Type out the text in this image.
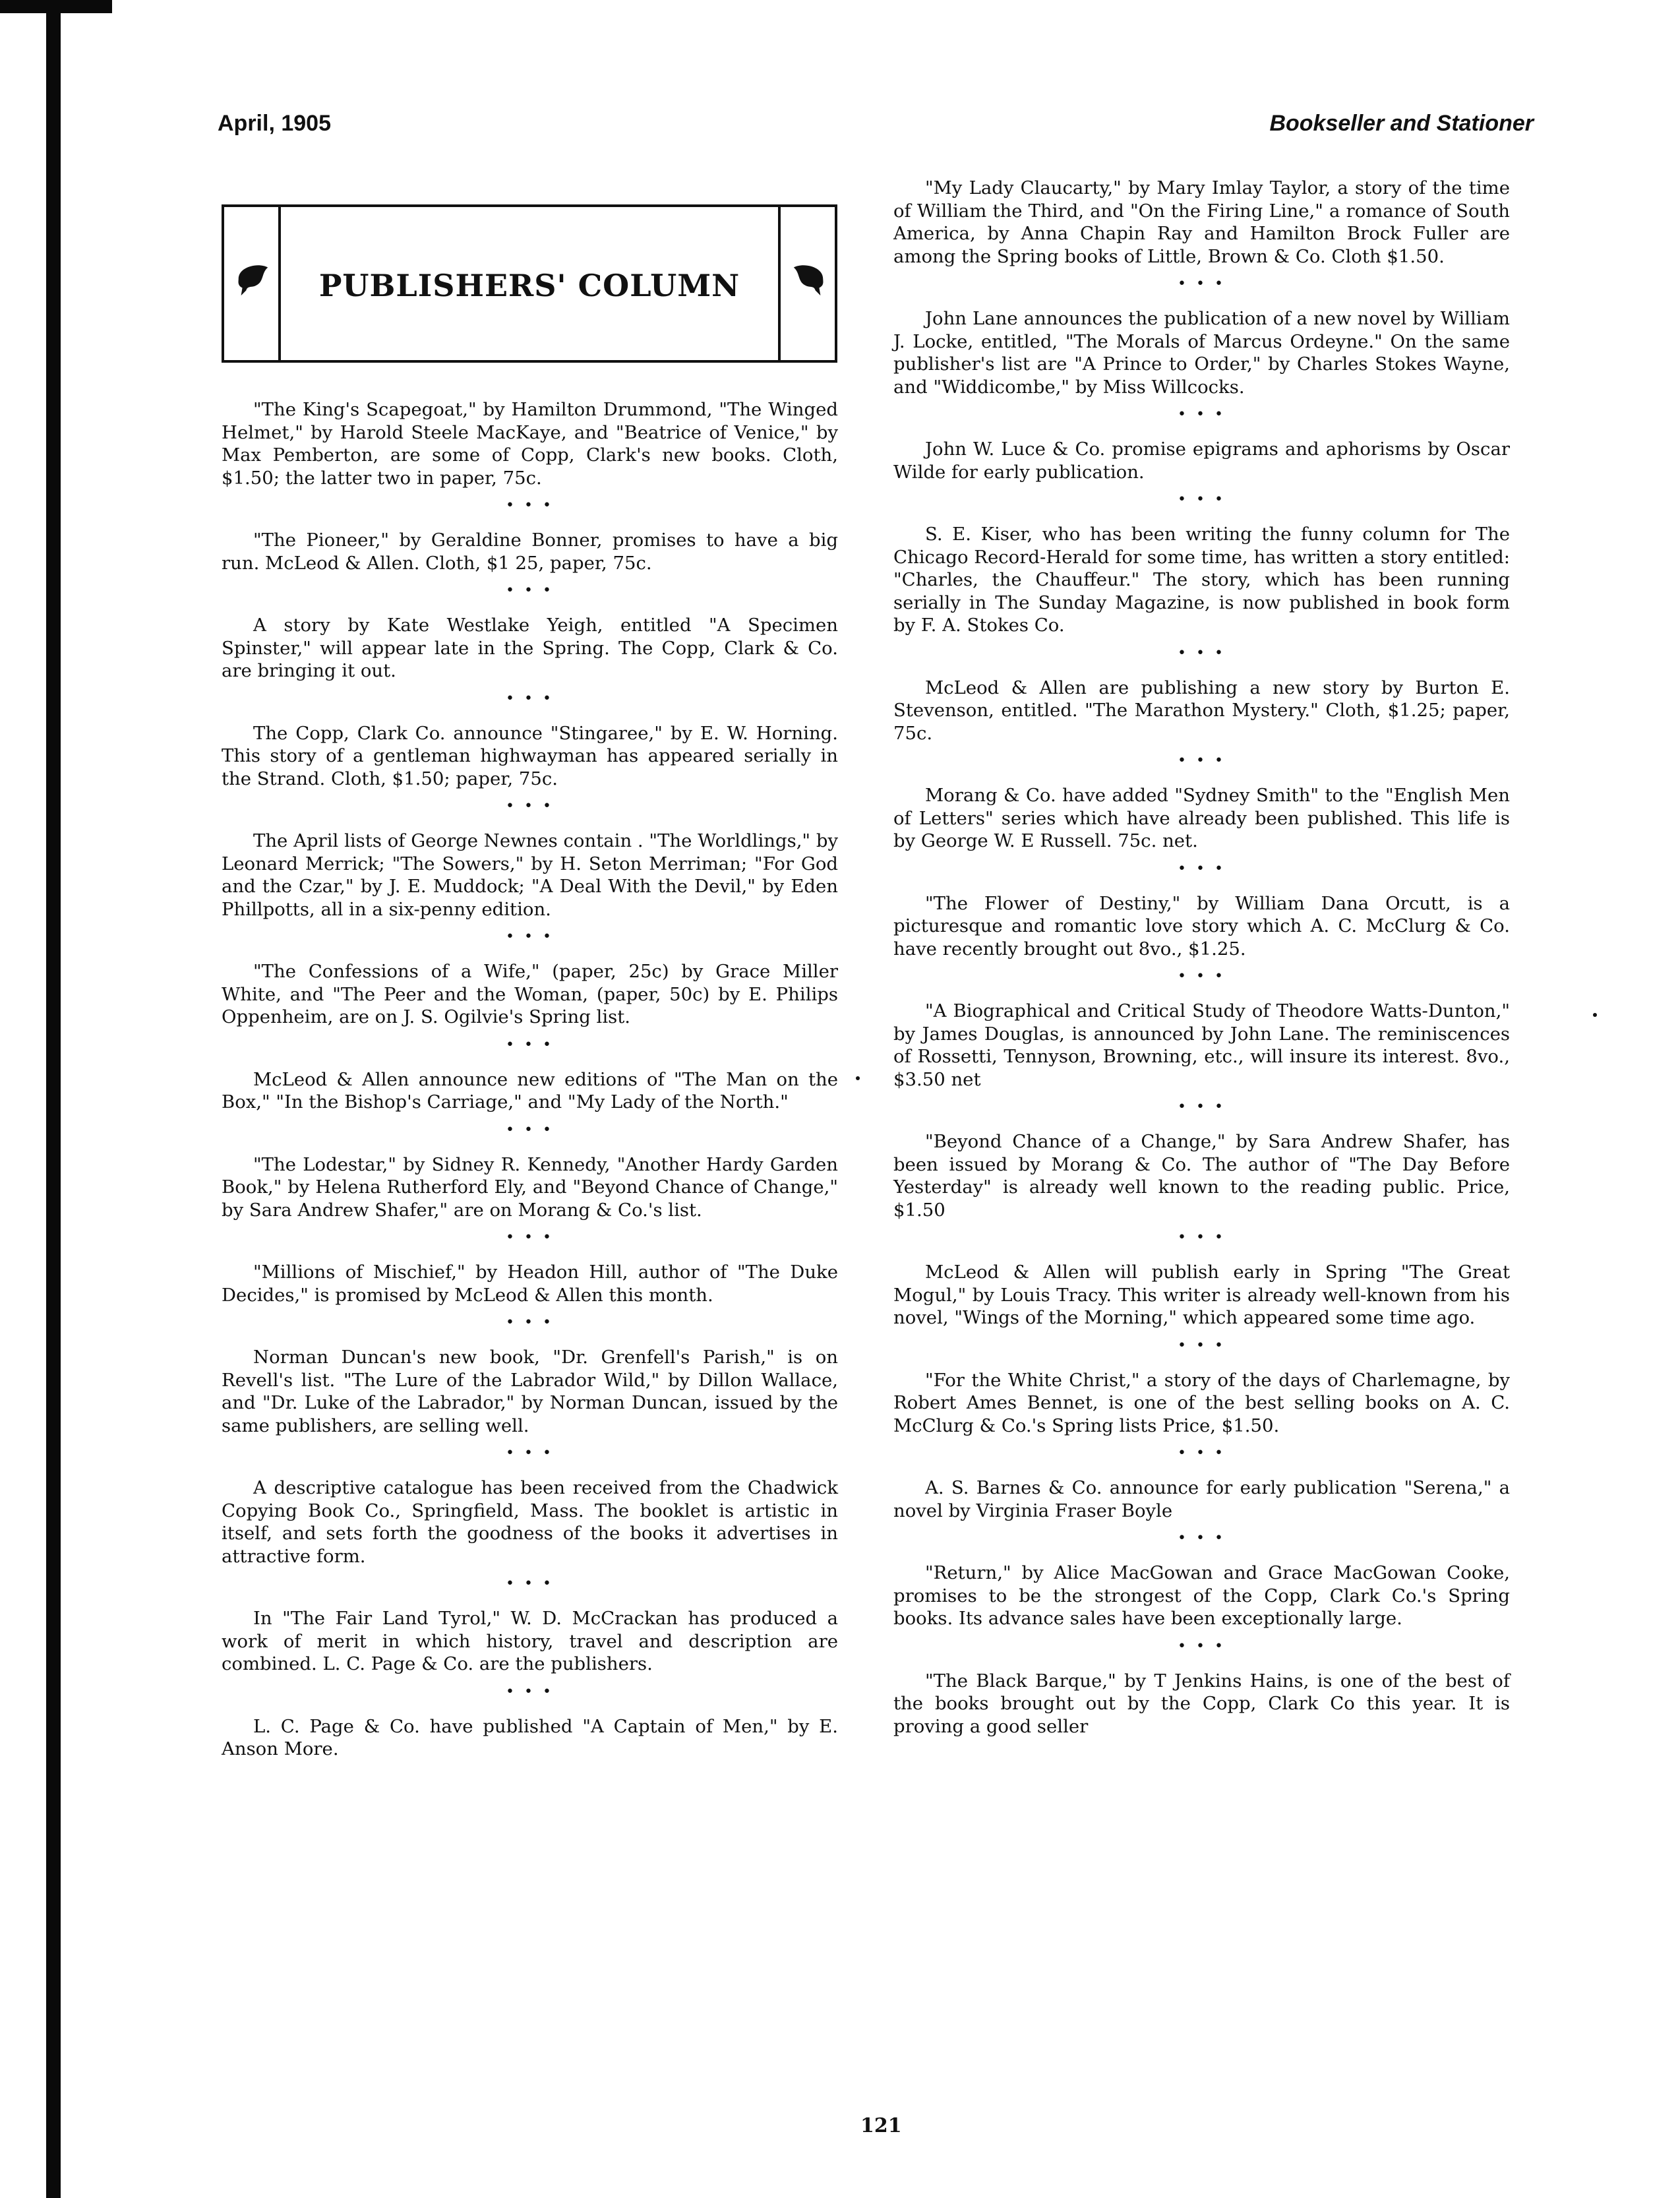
April, 1905	Bookseller and Stationer
PUBLISHERS' COLUMN

"The King's Scapegoat," by Hamilton Drummond, "The Winged Helmet," by Harold Steele MacKaye, and "Beatrice of Venice," by Max Pemberton, are some of Copp, Clark's new books. Cloth, $1.50; the latter two in paper, 75c.

• • •

"The Pioneer," by Geraldine Bonner, promises to have a big run. McLeod & Allen. Cloth, $1 25, paper, 75c.

• • •

A story by Kate Westlake Yeigh, entitled "A Specimen Spinster," will appear late in the Spring. The Copp, Clark & Co. are bringing it out.

• • •

The Copp, Clark Co. announce "Stingaree," by E. W. Horning. This story of a gentleman highwayman has appeared serially in the Strand. Cloth, $1.50; paper, 75c.

• • •

The April lists of George Newnes contain . "The Worldlings," by Leonard Merrick; "The Sowers," by H. Seton Merriman; "For God and the Czar," by J. E. Muddock; "A Deal With the Devil," by Eden Phillpotts, all in a six-penny edition.

• • •

"The Confessions of a Wife," (paper, 25c) by Grace Miller White, and "The Peer and the Woman, (paper, 50c) by E. Philips Oppenheim, are on J. S. Ogilvie's Spring list.

• • •

McLeod & Allen announce new editions of "The Man on the Box," "In the Bishop's Carriage," and "My Lady of the North."

• • •

"The Lodestar," by Sidney R. Kennedy, "Another Hardy Garden Book," by Helena Rutherford Ely, and "Beyond Chance of Change," by Sara Andrew Shafer," are on Morang & Co.'s list.

• • •

"Millions of Mischief," by Headon Hill, author of "The Duke Decides," is promised by McLeod & Allen this month.

• • •

Norman Duncan's new book, "Dr. Grenfell's Parish," is on Revell's list. "The Lure of the Labrador Wild," by Dillon Wallace, and "Dr. Luke of the Labrador," by Norman Duncan, issued by the same publishers, are selling well.

• • •

A descriptive catalogue has been received from the Chadwick Copying Book Co., Springfield, Mass. The booklet is artistic in itself, and sets forth the goodness of the books it advertises in attractive form.

• • •

In "The Fair Land Tyrol," W. D. McCrackan has produced a work of merit in which history, travel and description are combined. L. C. Page & Co. are the publishers.

• • •

L. C. Page & Co. have published "A Captain of Men," by E. Anson More.

"My Lady Claucarty," by Mary Imlay Taylor, a story of the time of William the Third, and "On the Firing Line," a romance of South America, by Anna Chapin Ray and Hamilton Brock Fuller are among the Spring books of Little, Brown & Co. Cloth $1.50.

• • •

John Lane announces the publication of a new novel by William J. Locke, entitled, "The Morals of Marcus Ordeyne." On the same publisher's list are "A Prince to Order," by Charles Stokes Wayne, and "Widdicombe," by Miss Willcocks.

• • •

John W. Luce & Co. promise epigrams and aphorisms by Oscar Wilde for early publication.

• • •

S. E. Kiser, who has been writing the funny column for The Chicago Record-Herald for some time, has written a story entitled: "Charles, the Chauffeur." The story, which has been running serially in The Sunday Magazine, is now published in book form by F. A. Stokes Co.

• • •

McLeod & Allen are publishing a new story by Burton E. Stevenson, entitled. "The Marathon Mystery." Cloth, $1.25; paper, 75c.

• • •

Morang & Co. have added "Sydney Smith" to the "English Men of Letters" series which have already been published. This life is by George W. E Russell. 75c. net.

• • •

"The Flower of Destiny," by William Dana Orcutt, is a picturesque and romantic love story which A. C. McClurg & Co. have recently brought out 8vo., $1.25.

• • •

"A Biographical and Critical Study of Theodore Watts-Dunton," by James Douglas, is announced by John Lane. The reminiscences of Rossetti, Tennyson, Browning, etc., will insure its interest. 8vo., $3.50 net

• • •

"Beyond Chance of a Change," by Sara Andrew Shafer, has been issued by Morang & Co. The author of "The Day Before Yesterday" is already well known to the reading public. Price, $1.50

• • •

McLeod & Allen will publish early in Spring "The Great Mogul," by Louis Tracy. This writer is already well-known from his novel, "Wings of the Morning," which appeared some time ago.

• • •

"For the White Christ," a story of the days of Charlemagne, by Robert Ames Bennet, is one of the best selling books on A. C. McClurg & Co.'s Spring lists Price, $1.50.

• • •

A. S. Barnes & Co. announce for early publication "Serena," a novel by Virginia Fraser Boyle

• • •

"Return," by Alice MacGowan and Grace MacGowan Cooke, promises to be the strongest of the Copp, Clark Co.'s Spring books. Its advance sales have been exceptionally large.

• • •

"The Black Barque," by T Jenkins Hains, is one of the best of the books brought out by the Copp, Clark Co this year. It is proving a good seller

121
